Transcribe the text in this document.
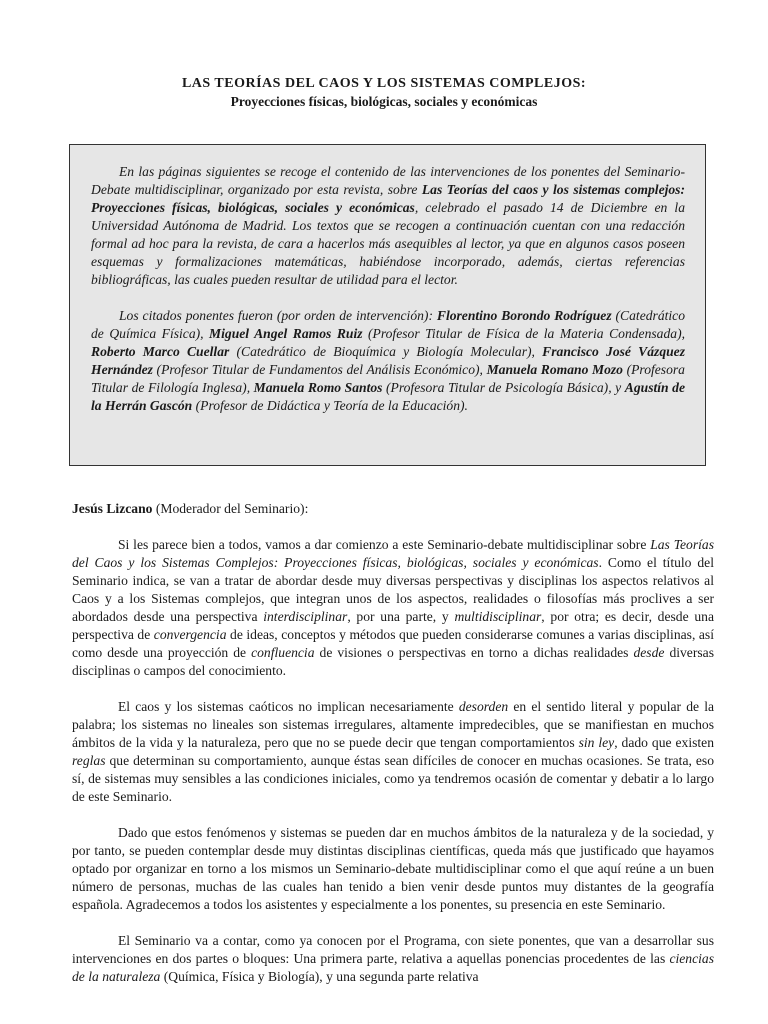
LAS TEORÍAS DEL CAOS Y LOS SISTEMAS COMPLEJOS:
Proyecciones físicas, biológicas, sociales y económicas

En las páginas siguientes se recoge el contenido de las intervenciones de los ponentes del Seminario-Debate multidisciplinar, organizado por esta revista, sobre Las Teorías del caos y los sistemas complejos: Proyecciones físicas, biológicas, sociales y económicas, celebrado el pasado 14 de Diciembre en la Universidad Autónoma de Madrid. Los textos que se recogen a continuación cuentan con una redacción formal ad hoc para la revista, de cara a hacerlos más asequibles al lector, ya que en algunos casos poseen esquemas y formalizaciones matemáticas, habiéndose incorporado, además, ciertas referencias bibliográficas, las cuales pueden resultar de utilidad para el lector.

Los citados ponentes fueron (por orden de intervención): Florentino Borondo Rodríguez (Catedrático de Química Física), Miguel Angel Ramos Ruiz (Profesor Titular de Física de la Materia Condensada), Roberto Marco Cuellar (Catedrático de Bioquímica y Biología Molecular), Francisco José Vázquez Hernández (Profesor Titular de Fundamentos del Análisis Económico), Manuela Romano Mozo (Profesora Titular de Filología Inglesa), Manuela Romo Santos (Profesora Titular de Psicología Básica), y Agustín de la Herrán Gascón (Profesor de Didáctica y Teoría de la Educación).

Jesús Lizcano (Moderador del Seminario):

Si les parece bien a todos, vamos a dar comienzo a este Seminario-debate multidisciplinar sobre Las Teorías del Caos y los Sistemas Complejos: Proyecciones físicas, biológicas, sociales y económicas. Como el título del Seminario indica, se van a tratar de abordar desde muy diversas perspectivas y disciplinas los aspectos relativos al Caos y a los Sistemas complejos, que integran unos de los aspectos, realidades o filosofías más proclives a ser abordados desde una perspectiva interdisciplinar, por una parte, y multidisciplinar, por otra; es decir, desde una perspectiva de convergencia de ideas, conceptos y métodos que pueden considerarse comunes a varias disciplinas, así como desde una proyección de confluencia de visiones o perspectivas en torno a dichas realidades desde diversas disciplinas o campos del conocimiento.

El caos y los sistemas caóticos no implican necesariamente desorden en el sentido literal y popular de la palabra; los sistemas no lineales son sistemas irregulares, altamente impredecibles, que se manifiestan en muchos ámbitos de la vida y la naturaleza, pero que no se puede decir que tengan comportamientos sin ley, dado que existen reglas que determinan su comportamiento, aunque éstas sean difíciles de conocer en muchas ocasiones. Se trata, eso sí, de sistemas muy sensibles a las condiciones iniciales, como ya tendremos ocasión de comentar y debatir a lo largo de este Seminario.

Dado que estos fenómenos y sistemas se pueden dar en muchos ámbitos de la naturaleza y de la sociedad, y por tanto, se pueden contemplar desde muy distintas disciplinas científicas, queda más que justificado que hayamos optado por organizar en torno a los mismos un Seminario-debate multidisciplinar como el que aquí reúne a un buen número de personas, muchas de las cuales han tenido a bien venir desde puntos muy distantes de la geografía española. Agradecemos a todos los asistentes y especialmente a los ponentes, su presencia en este Seminario.

El Seminario va a contar, como ya conocen por el Programa, con siete ponentes, que van a desarrollar sus intervenciones en dos partes o bloques: Una primera parte, relativa a aquellas ponencias procedentes de las ciencias de la naturaleza (Química, Física y Biología), y una segunda parte relativa
